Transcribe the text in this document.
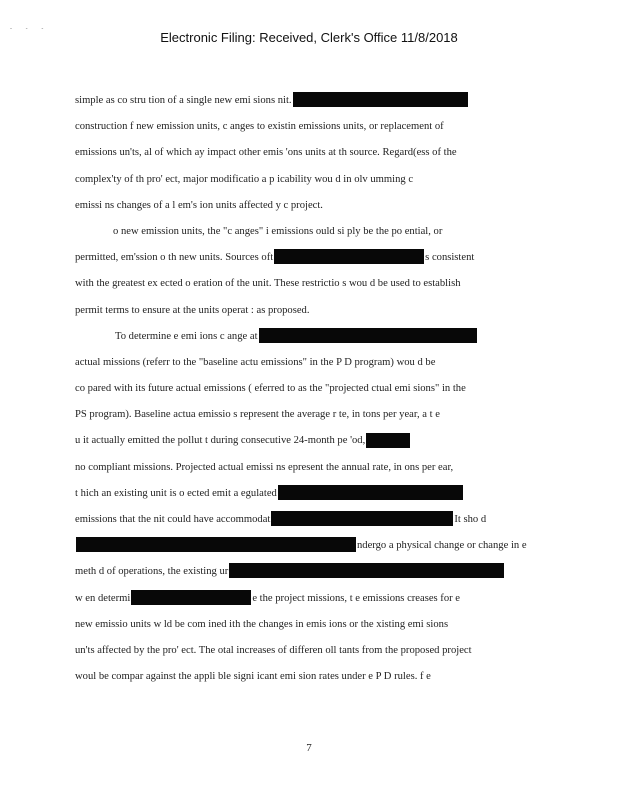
- - -
Electronic Filing: Received, Clerk's Office 11/8/2018
simple as co stru tion of a single new emi sions nit.
construction f new emission units, c anges to existin emissions units, or replacement of
emissions un'ts, al of which ay impact other emis 'ons units at th source. Regard(ess of the
complex'ty of th pro' ect, major modificatio a p icability wou d in olv umming c
emissi ns changes of a l em's ion units affected y c project.
o new emission units, the "c anges" i emissions ould si ply be the po ential, or
permitted, em'ssion o th new units. Sources oft	s consistent
with the greatest ex ected o eration of the unit. These restrictio s wou d be used to establish
permit terms to ensure at the units operat : as proposed.
To determine e emi ions c ange at
actual missions (referr to the "baseline actu emissions" in the P D program) wou d be
co pared with its future actual emissions ( eferred to as the "projected ctual emi sions" in the
PS program). Baseline actua emissio s represent the average r te, in tons per year, a t e
u it actually emitted the pollut t during consecutive 24-month pe 'od,
no compliant missions. Projected actual emissi ns epresent the annual rate, in ons per ear,
t hich an existing unit is o ected emit a egulated
emissions that the nit could have accommodat	It sho d
ndergo a physical change or change in e
meth d of operations, the existing ur
w en determi	e the project missions, t e emissions creases for e
new emissio units w ld be com ined ith the changes in emis ions or the xisting emi sions
un'ts affected by the pro' ect. The otal increases of differen oll tants from the proposed project
woul be compar against the appli ble signi icant emi sion rates under e P D rules. f e
7
